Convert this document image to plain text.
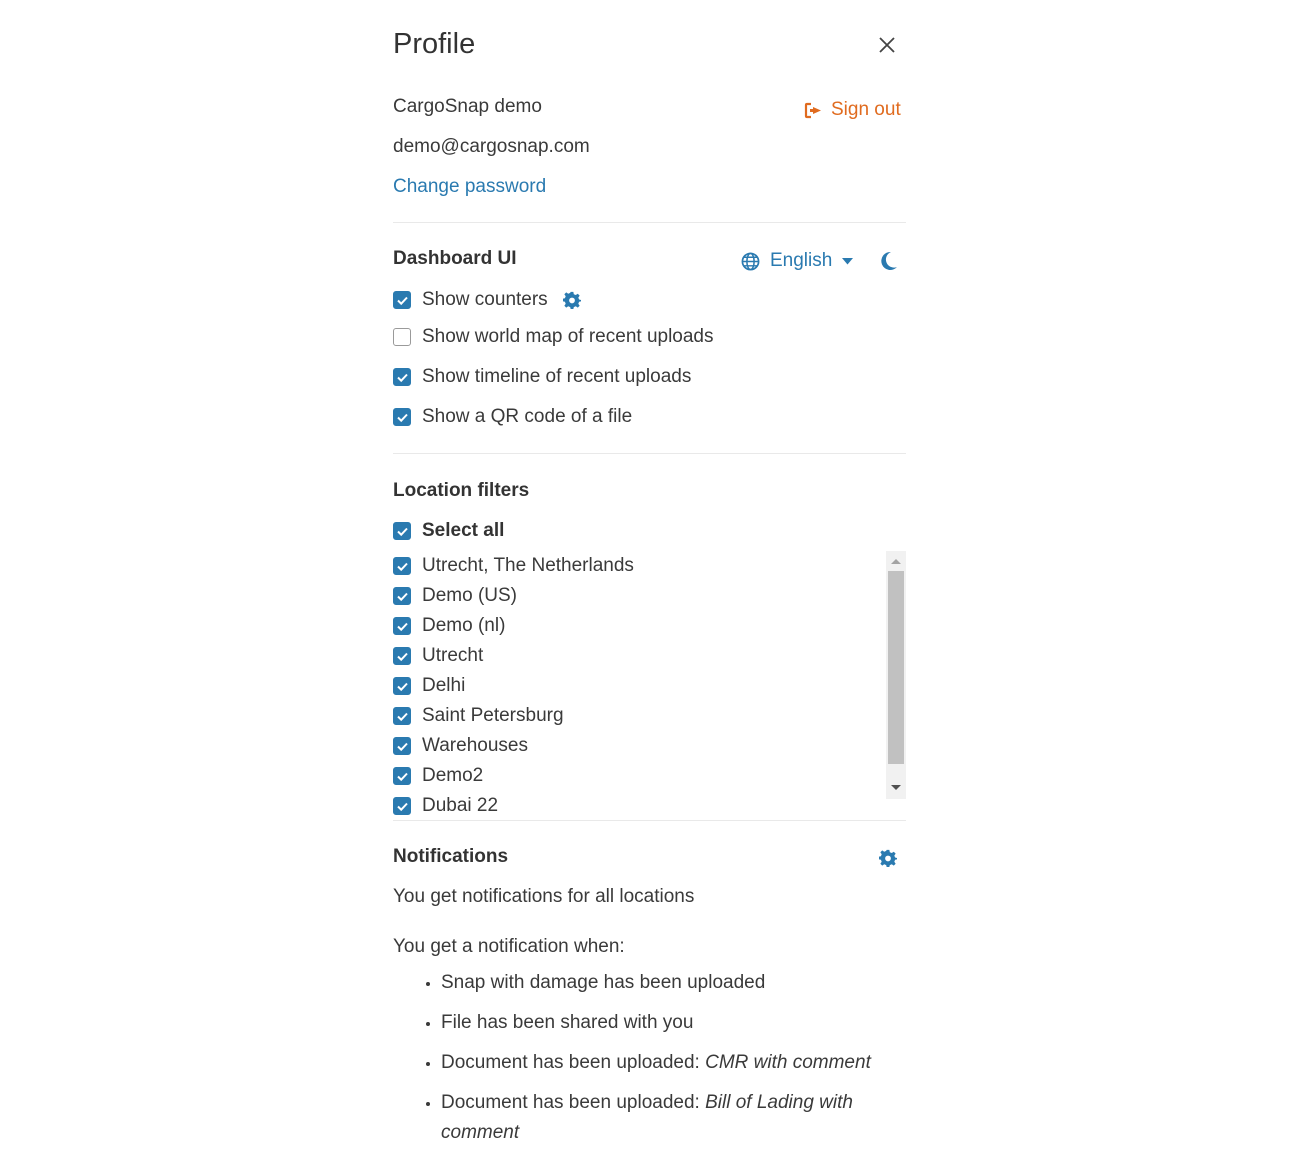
Profile
CargoSnap demo	Sign out
demo@cargosnap.com
Change password
Dashboard UI	English
Show counters
Show world map of recent uploads
Show timeline of recent uploads
Show a QR code of a file
Location filters
Select all
Utrecht, The Netherlands
Demo (US)
Demo (nl)
Utrecht
Delhi
Saint Petersburg
Warehouses
Demo2
Dubai 22
Notifications
You get notifications for all locations
You get a notification when:
• Snap with damage has been uploaded
• File has been shared with you
• Document has been uploaded: CMR with comment
• Document has been uploaded: Bill of Lading with comment
